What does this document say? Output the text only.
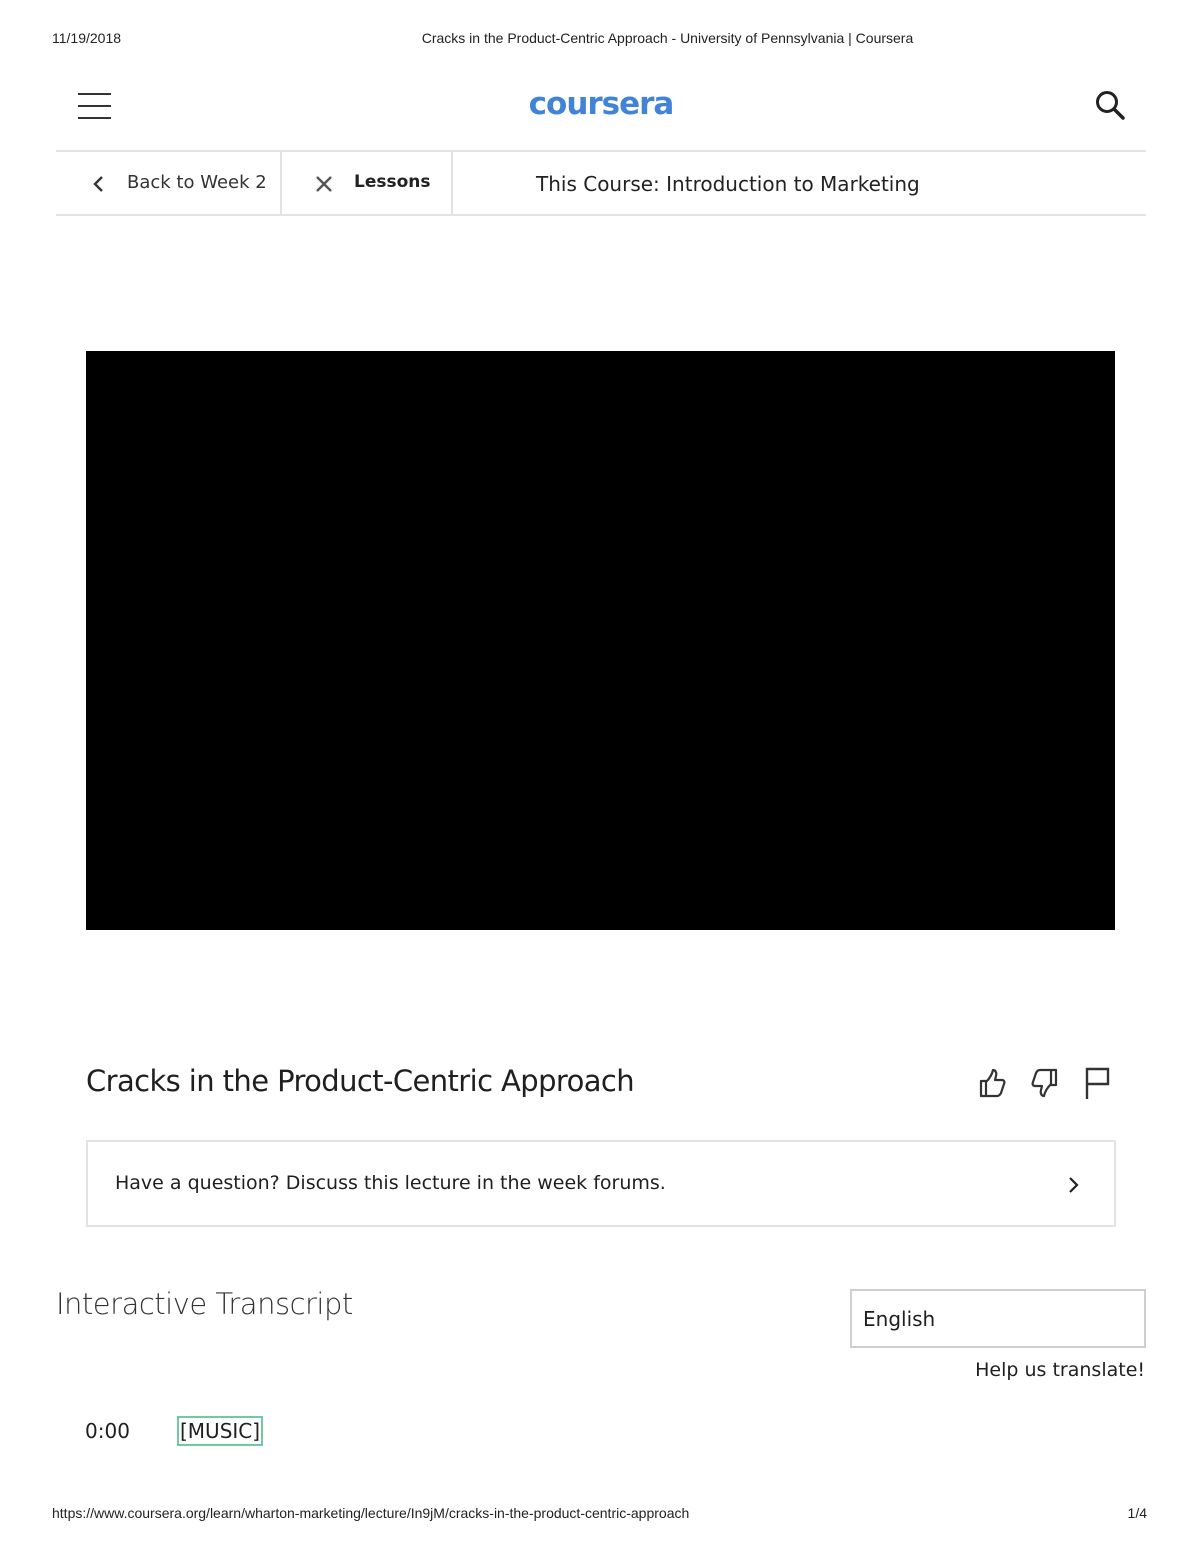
11/19/2018	Cracks in the Product-Centric Approach - University of Pennsylvania | Coursera
coursera
Back to Week 2	Lessons	This Course: Introduction to Marketing
Cracks in the Product-Centric Approach
Have a question? Discuss this lecture in the week forums.
Interactive Transcript	English
Help us translate!
0:00	[MUSIC]
https://www.coursera.org/learn/wharton-marketing/lecture/In9jM/cracks-in-the-product-centric-approach	1/4
